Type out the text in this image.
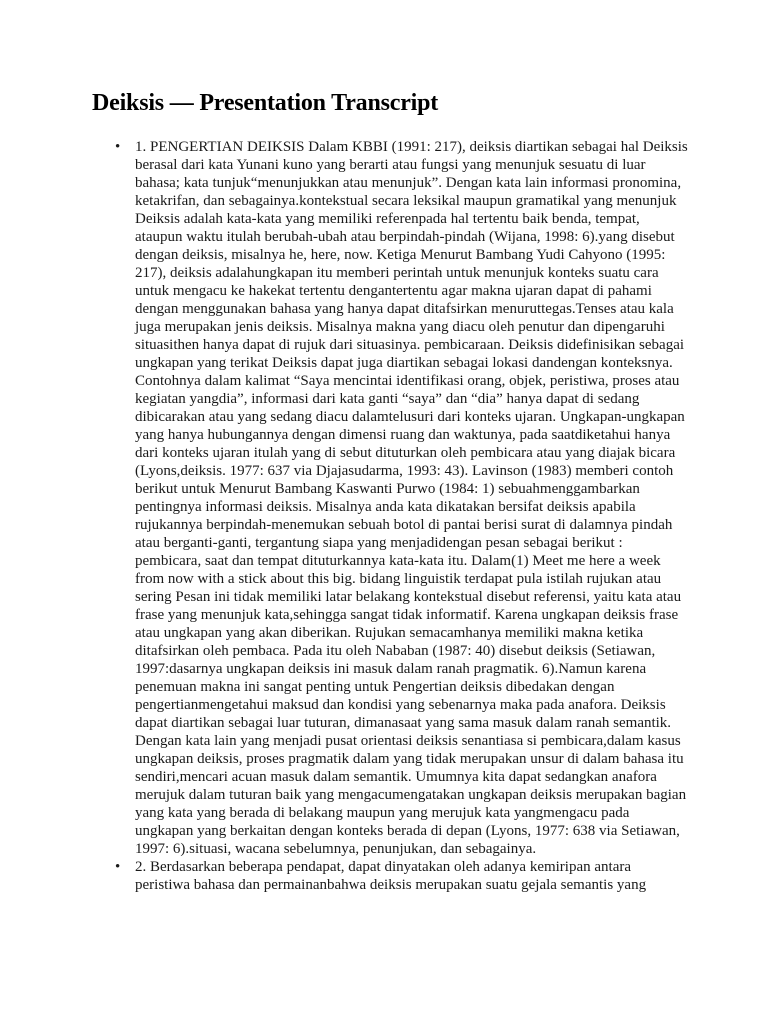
Deiksis — Presentation Transcript
• 1. PENGERTIAN DEIKSIS Dalam KBBI (1991: 217), deiksis diartikan sebagai hal Deiksis berasal dari kata Yunani kuno yang berarti atau fungsi yang menunjuk sesuatu di luar bahasa; kata tunjuk“menunjukkan atau menunjuk”. Dengan kata lain informasi pronomina, ketakrifan, dan sebagainya.kontekstual secara leksikal maupun gramatikal yang menunjuk Deiksis adalah kata-kata yang memiliki referenpada hal tertentu baik benda, tempat, ataupun waktu itulah berubah-ubah atau berpindah-pindah (Wijana, 1998: 6).yang disebut dengan deiksis, misalnya he, here, now. Ketiga Menurut Bambang Yudi Cahyono (1995: 217), deiksis adalahungkapan itu memberi perintah untuk menunjuk konteks suatu cara untuk mengacu ke hakekat tertentu dengantertentu agar makna ujaran dapat di pahami dengan menggunakan bahasa yang hanya dapat ditafsirkan menuruttegas.Tenses atau kala juga merupakan jenis deiksis. Misalnya makna yang diacu oleh penutur dan dipengaruhi situasithen hanya dapat di rujuk dari situasinya. pembicaraan. Deiksis didefinisikan sebagai ungkapan yang terikat Deiksis dapat juga diartikan sebagai lokasi dandengan konteksnya. Contohnya dalam kalimat “Saya mencintai identifikasi orang, objek, peristiwa, proses atau kegiatan yangdia”, informasi dari kata ganti “saya” dan “dia” hanya dapat di sedang dibicarakan atau yang sedang diacu dalamtelusuri dari konteks ujaran. Ungkapan-ungkapan yang hanya hubungannya dengan dimensi ruang dan waktunya, pada saatdiketahui hanya dari konteks ujaran itulah yang di sebut dituturkan oleh pembicara atau yang diajak bicara (Lyons,deiksis. 1977: 637 via Djajasudarma, 1993: 43). Lavinson (1983) memberi contoh berikut untuk Menurut Bambang Kaswanti Purwo (1984: 1) sebuahmenggambarkan pentingnya informasi deiksis. Misalnya anda kata dikatakan bersifat deiksis apabila rujukannya berpindah-menemukan sebuah botol di pantai berisi surat di dalamnya pindah atau berganti-ganti, tergantung siapa yang menjadidengan pesan sebagai berikut : pembicara, saat dan tempat dituturkannya kata-kata itu. Dalam(1) Meet me here a week from now with a stick about this big. bidang linguistik terdapat pula istilah rujukan atau sering Pesan ini tidak memiliki latar belakang kontekstual disebut referensi, yaitu kata atau frase yang menunjuk kata,sehingga sangat tidak informatif. Karena ungkapan deiksis frase atau ungkapan yang akan diberikan. Rujukan semacamhanya memiliki makna ketika ditafsirkan oleh pembaca. Pada itu oleh Nababan (1987: 40) disebut deiksis (Setiawan, 1997:dasarnya ungkapan deiksis ini masuk dalam ranah pragmatik. 6).Namun karena penemuan makna ini sangat penting untuk Pengertian deiksis dibedakan dengan pengertianmengetahui maksud dan kondisi yang sebenarnya maka pada anafora. Deiksis dapat diartikan sebagai luar tuturan, dimanasaat yang sama masuk dalam ranah semantik. Dengan kata lain yang menjadi pusat orientasi deiksis senantiasa si pembicara,dalam kasus ungkapan deiksis, proses pragmatik dalam yang tidak merupakan unsur di dalam bahasa itu sendiri,mencari acuan masuk dalam semantik. Umumnya kita dapat sedangkan anafora merujuk dalam tuturan baik yang mengacumengatakan ungkapan deiksis merupakan bagian yang kata yang berada di belakang maupun yang merujuk kata yangmengacu pada ungkapan yang berkaitan dengan konteks berada di depan (Lyons, 1977: 638 via Setiawan, 1997: 6).situasi, wacana sebelumnya, penunjukan, dan sebagainya.
• 2. Berdasarkan beberapa pendapat, dapat dinyatakan oleh adanya kemiripan antara peristiwa bahasa dan permainanbahwa deiksis merupakan suatu gejala semantis yang
